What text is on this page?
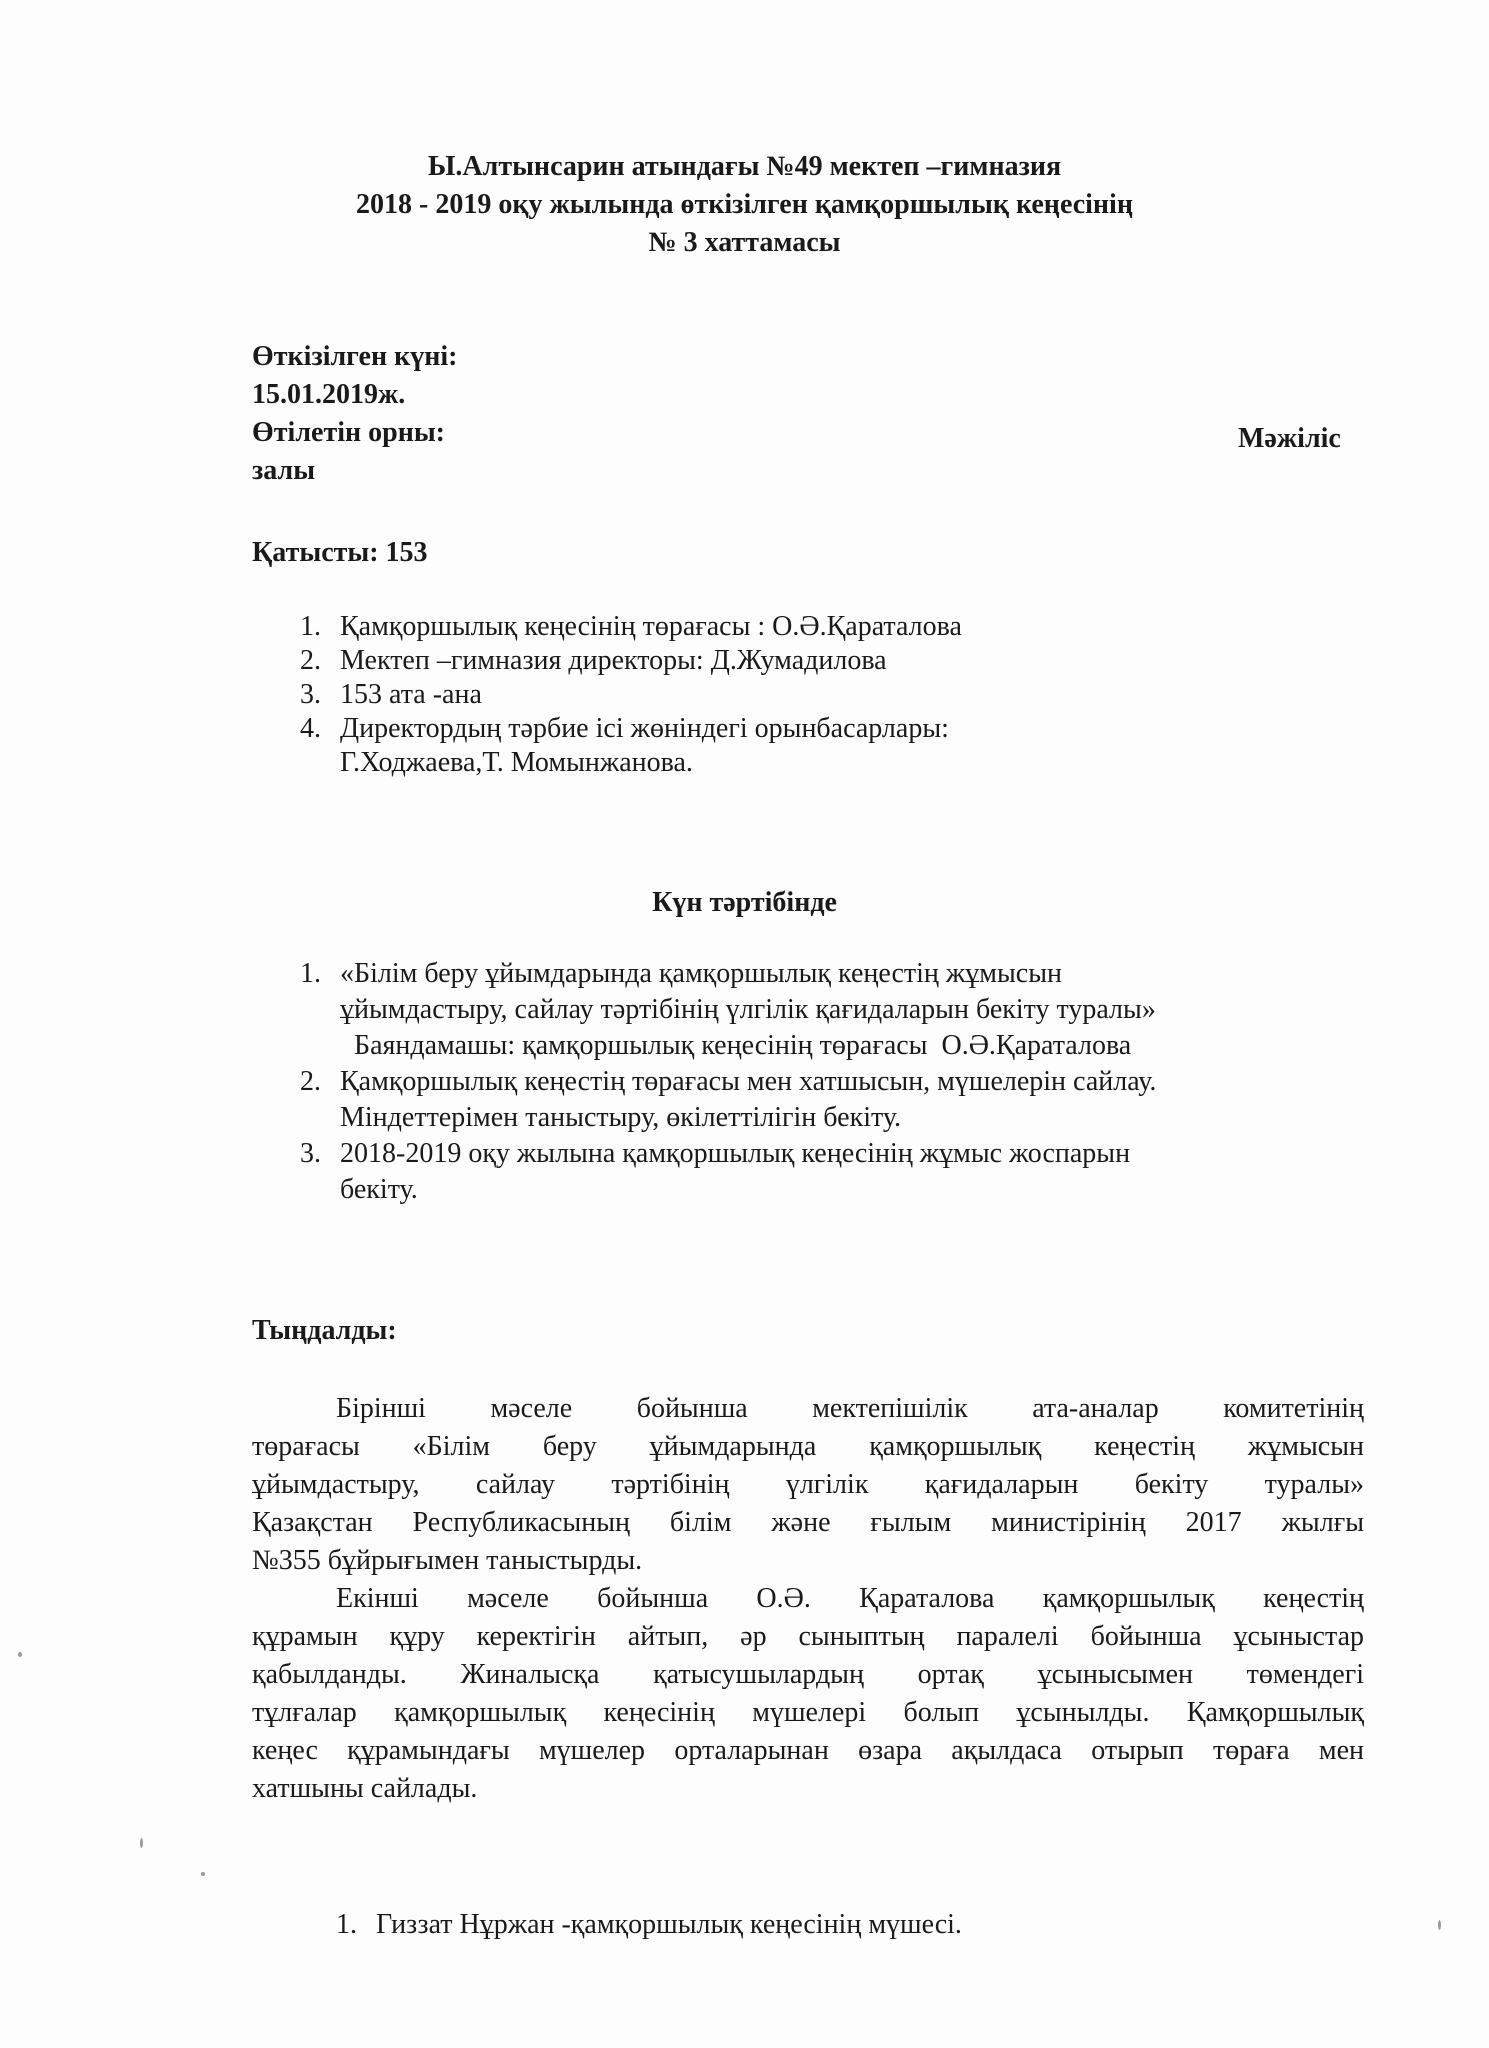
Ы.Алтынсарин атындағы №49 мектеп –гимназия
2018 - 2019 оқу жылында өткізілген қамқоршылық кеңесінің
№ 3 хаттамасы
Өткізілген күні:
15.01.2019ж.
Өтілетін орны:
залы
Мәжіліс
Қатысты: 153
1. Қамқоршылық кеңесінің төрағасы : О.Ә.Қараталова
2. Мектеп –гимназия директоры: Д.Жумадилова
3. 153 ата -ана
4. Директордың тәрбие ісі жөніндегі орынбасарлары:
Г.Ходжаева,Т. Момынжанова.
Күн тәртібінде
1. «Білім беру ұйымдарында қамқоршылық кеңестің жұмысын
ұйымдастыру, сайлау тәртібінің үлгілік қағидаларын бекіту туралы»
Баяндамашы: қамқоршылық кеңесінің төрағасы  О.Ә.Қараталова
2. Қамқоршылық кеңестің төрағасы мен хатшысын, мүшелерін сайлау.
Міндеттерімен таныстыру, өкілеттілігін бекіту.
3. 2018-2019 оқу жылына қамқоршылық кеңесінің жұмыс жоспарын
бекіту.
Тыңдалды:
Бірінші мәселе бойынша мектепішілік ата-аналар комитетінің
төрағасы «Білім беру ұйымдарында қамқоршылық кеңестің жұмысын
ұйымдастыру, сайлау тәртібінің үлгілік қағидаларын бекіту туралы»
Қазақстан Республикасының білім және ғылым министірінің 2017 жылғы
№355 бұйрығымен таныстырды.
Екінші мәселе бойынша О.Ә. Қараталова қамқоршылық кеңестің
құрамын құру керектігін айтып, әр сыныптың паралелі бойынша ұсыныстар
қабылданды. Жиналысқа қатысушылардың ортақ ұсынысымен төмендегі
тұлғалар қамқоршылық кеңесінің мүшелері болып ұсынылды. Қамқоршылық
кеңес құрамындағы мүшелер орталарынан өзара ақылдаса отырып төраға мен
хатшыны сайлады.
1. Гиззат Нұржан -қамқоршылық кеңесінің мүшесі.
